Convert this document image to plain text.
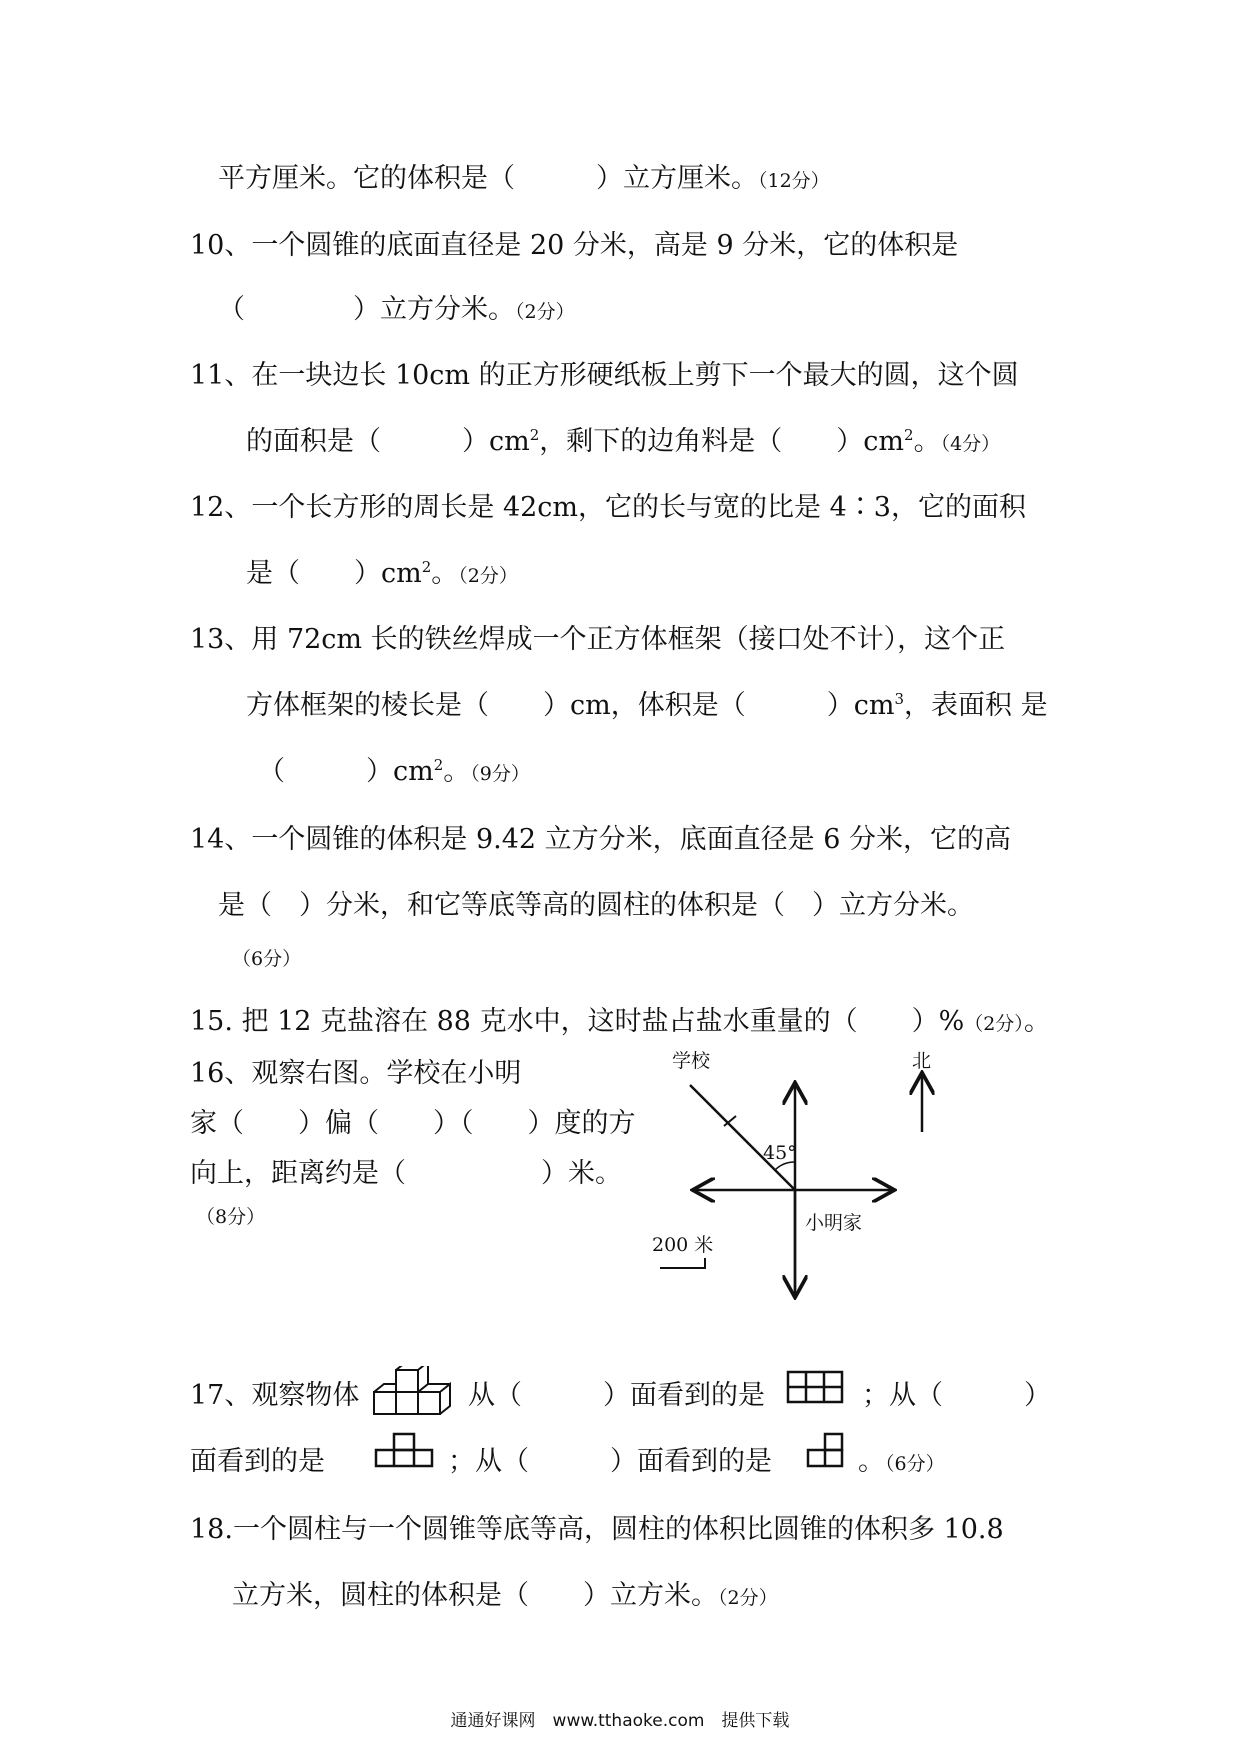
平方厘米。它的体积是（　　　）立方厘米。（12分）
10、一个圆锥的底面直径是 20 分米，高是 9 分米，它的体积是
（　　　　）立方分米。（2分）
11、在一块边长 10cm 的正方形硬纸板上剪下一个最大的圆，这个圆
的面积是（　　　）$cm^2$，剩下的边角料是（　　）$cm^2$。（4分）
12、一个长方形的周长是 42cm，它的长与宽的比是 4∶3，它的面积
是（　　）$cm^2$。（2分）
13、用 72cm 长的铁丝焊成一个正方体框架（接口处不计），这个正
方体框架的棱长是（　　）cm，体积是（　　　）$cm^3$，表面积 是
（　　　）$cm^2$。（9分）
14、一个圆锥的体积是 9.42 立方分米，底面直径是 6 分米，它的高
是（　）分米，和它等底等高的圆柱的体积是（　）立方分米。
（6分）
15. 把 12 克盐溶在 88 克水中，这时盐占盐水重量的（　　）%（2分）。
16、观察右图。学校在小明
家（　　）偏（　　）（　　）度的方
向上，距离约是（　　　　　）米。
（8分）
学校	北
45°
小明家
200 米
17、观察物体	从（　　　）面看到的是	；从（　　　）
面看到的是	；从（　　　）面看到的是	。（6分）
18.一个圆柱与一个圆锥等底等高，圆柱的体积比圆锥的体积多 10.8
立方米，圆柱的体积是（　　）立方米。（2分）
通通好课网　www.tthaoke.com　提供下载
